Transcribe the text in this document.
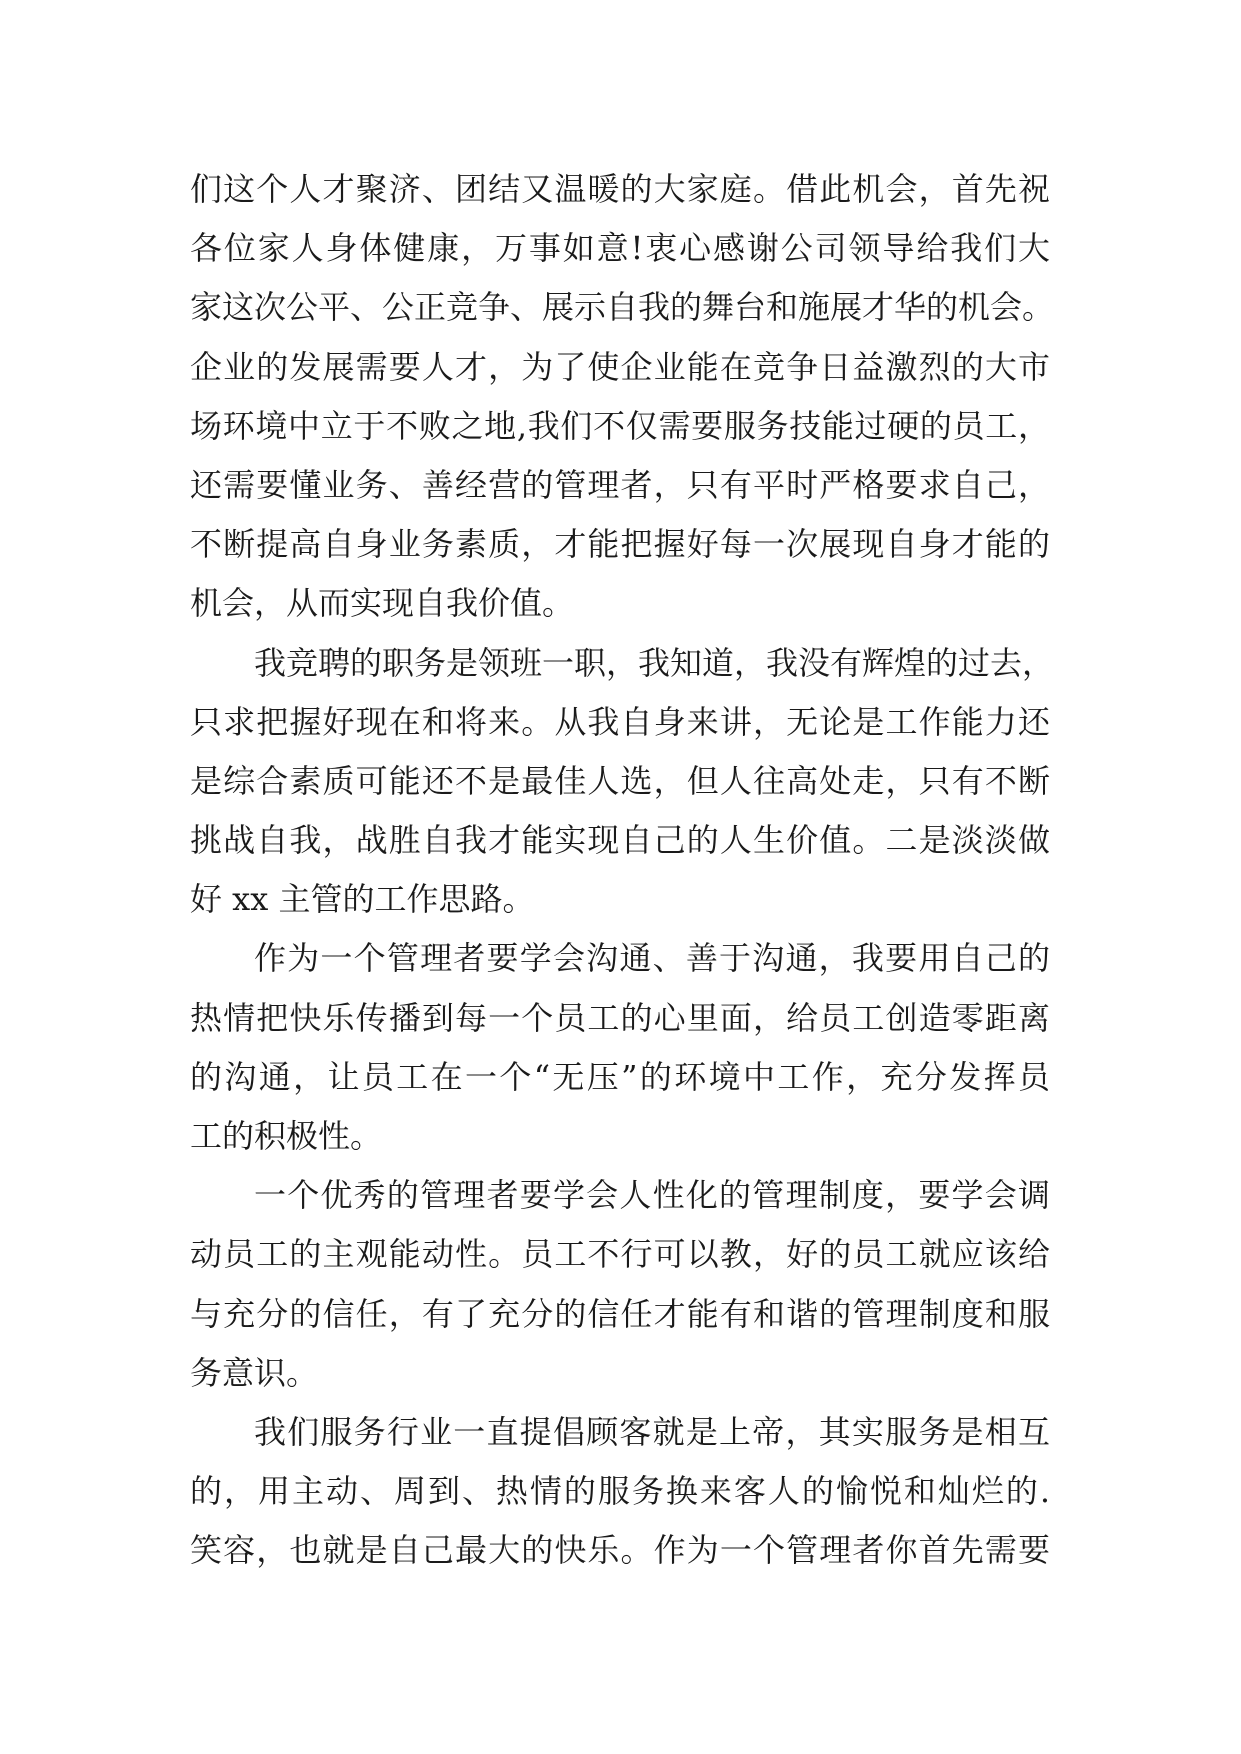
们这个人才聚济、团结又温暖的大家庭。借此机会，首先祝
各位家人身体健康，万事如意!衷心感谢公司领导给我们大
家这次公平、公正竞争、展示自我的舞台和施展才华的机会。
企业的发展需要人才，为了使企业能在竞争日益激烈的大市
场环境中立于不败之地,我们不仅需要服务技能过硬的员工，
还需要懂业务、善经营的管理者，只有平时严格要求自己，
不断提高自身业务素质，才能把握好每一次展现自身才能的
机会，从而实现自我价值。
我竞聘的职务是领班一职，我知道，我没有辉煌的过去，
只求把握好现在和将来。从我自身来讲，无论是工作能力还
是综合素质可能还不是最佳人选，但人往高处走，只有不断
挑战自我，战胜自我才能实现自己的人生价值。二是淡淡做
好 xx 主管的工作思路。
作为一个管理者要学会沟通、善于沟通，我要用自己的
热情把快乐传播到每一个员工的心里面，给员工创造零距离
的沟通，让员工在一个“无压”的环境中工作，充分发挥员
工的积极性。
一个优秀的管理者要学会人性化的管理制度，要学会调
动员工的主观能动性。员工不行可以教，好的员工就应该给
与充分的信任，有了充分的信任才能有和谐的管理制度和服
务意识。
我们服务行业一直提倡顾客就是上帝，其实服务是相互
的，用主动、周到、热情的服务换来客人的愉悦和灿烂的.
笑容，也就是自己最大的快乐。作为一个管理者你首先需要
